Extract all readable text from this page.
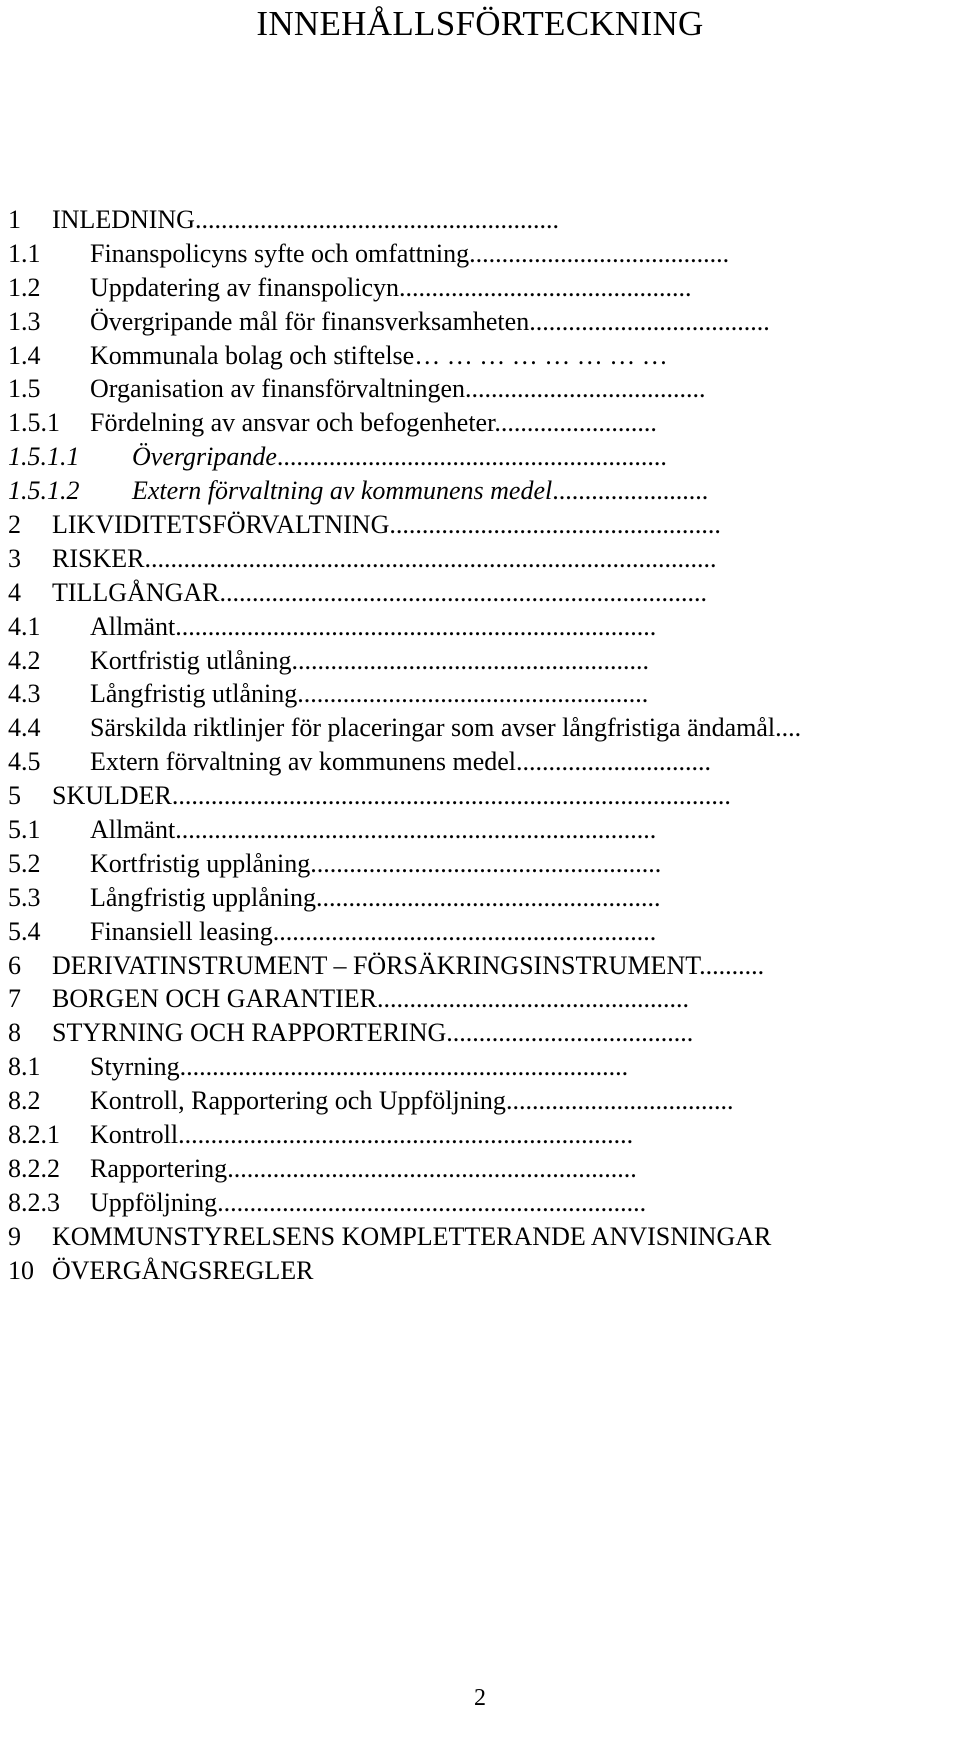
INNEHÅLLSFÖRTECKNING
1 INLEDNING........................................................
1.1 Finanspolicyns syfte och omfattning........................................
1.2 Uppdatering av finanspolicyn.............................................
1.3 Övergripande mål för finansverksamheten.....................................
1.4 Kommunala bolag och stiftelse… … … … … … … …
1.5 Organisation av finansförvaltningen.....................................
1.5.1 Fördelning av ansvar och befogenheter.........................
1.5.1.1 Övergripande............................................................
1.5.1.2 Extern förvaltning av kommunens medel........................
2 LIKVIDITETSFÖRVALTNING...................................................
3 RISKER........................................................................................
4 TILLGÅNGAR...........................................................................
4.1 Allmänt..........................................................................
4.2 Kortfristig utlåning.......................................................
4.3 Långfristig utlåning......................................................
4.4 Särskilda riktlinjer för placeringar som avser långfristiga ändamål....
4.5 Extern förvaltning av kommunens medel..............................
5 SKULDER......................................................................................
5.1 Allmänt..........................................................................
5.2 Kortfristig upplåning......................................................
5.3 Långfristig upplåning.....................................................
5.4 Finansiell leasing...........................................................
6 DERIVATINSTRUMENT – FÖRSÄKRINGSINSTRUMENT..........
7 BORGEN OCH GARANTIER................................................
8 STYRNING OCH RAPPORTERING......................................
8.1 Styrning.....................................................................
8.2 Kontroll, Rapportering och Uppföljning...................................
8.2.1 Kontroll......................................................................
8.2.2 Rapportering...............................................................
8.2.3 Uppföljning..................................................................
9 KOMMUNSTYRELSENS KOMPLETTERANDE ANVISNINGAR
10 ÖVERGÅNGSREGLER
2
